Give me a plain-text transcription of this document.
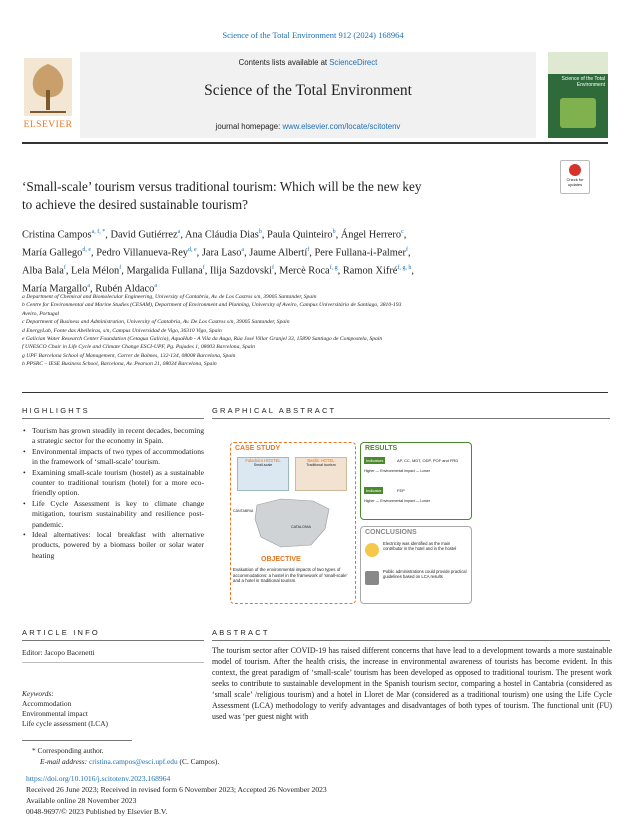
Science of the Total Environment 912 (2024) 168964
ELSEVIER
Contents lists available at ScienceDirect
Science of the Total Environment
journal homepage: www.elsevier.com/locate/scitotenv
Science of the Total Environment
‘Small-scale’ tourism versus traditional tourism: Which will be the new key
to achieve the desired sustainable tourism?
Check for updates
Cristina Campos$^{a, f, *}$, David Gutiérrez$^a$, Ana Cláudia Dias$^b$, Paula Quinteiro$^b$, Ángel Herrero$^c$,
María Gallego$^{d, e}$, Pedro Villanueva-Rey$^{d, e}$, Jara Laso$^a$, Jaume Albertí$^f$, Pere Fullana-i-Palmer$^f$,
Alba Bala$^f$, Lela Mélon$^f$, Margalida Fullana$^f$, Ilija Sazdovski$^f$, Mercè Roca$^{f, g}$, Ramon Xifré$^{f, g, h}$,
María Margallo$^a$, Rubén Aldaco$^a$
a Department of Chemical and Biomolecular Engineering, University of Cantabria, Av. de Los Castros s/n, 39005 Santander, Spain
b Centre for Environmental and Marine Studies (CESAM), Department of Environment and Planning, University of Aveiro, Campus Universitário de Santiago, 3810-193
Aveiro, Portugal
c Department of Business and Administration, University of Cantabria, Av. De Los Castros s/n, 39005 Santander, Spain
d EnergyLab, Fonte das Abelleiras, s/n, Campus Universidad de Vigo, 36310 Vigo, Spain
e Galician Water Research Center Foundation (Cetaqua Galicia), AquaHub - A Vila da Auga, Rúa José Villar Granjel 33, 15890 Santiago de Compostela, Spain
f UNESCO Chair in Life Cycle and Climate Change ESCI-UPF, Pg. Pujades 1, 08003 Barcelona, Spain
g UPF Barcelona School of Management, Carrer de Balmes, 132-134, 08008 Barcelona, Spain
h PPSRC – IESE Business School, Barcelona, Av. Pearson 21, 08034 Barcelona, Spain
HIGHLIGHTS
• Tourism has grown steadily in recent decades, becoming a strategic sector for the economy in Spain.
• Environmental impacts of two types of accommodations in the framework of ‘small-scale’ tourism.
• Examining small-scale tourism (hostel) as a sustainable counter to traditional tourism (hotel) for a more eco-friendly option.
• Life Cycle Assessment is key to climate change mitigation, tourism sustainability and resilience post-pandemic.
• Ideal alternatives: local breakfast with alternative products, powered by a biomass boiler or solar water heating
GRAPHICAL ABSTRACT
CASE STUDY
Faladoira HOSTEL
Small-scale
Basilic HOTEL
Traditional tourism
CANTABRIA
CATALONIA
OBJECTIVE
Evaluation of the environmental impacts of two types of accommodations: a hostel in the framework of 'small-scale' and a hotel in traditional tourism.
RESULTS
Indicators	AP, CC, MDT, ODP, POF and FRD
Higher — Environmental impact — Lower
Indicator	FEP
Higher — Environmental impact — Lower
CONCLUSIONS
Electricity was identified as the main contributor in the hotel and in the hostel
Public administrations could provide practical guidelines based on LCA results
ARTICLE INFO
Editor: Jacopo Bacenetti
Keywords:
Accommodation
Environmental impact
Life cycle assessment (LCA)
ABSTRACT
The tourism sector after COVID-19 has raised different concerns that have lead to a development towards a more sustainable model of tourism. After the health crisis, the increase in environmental awareness of tourists has become evident. In this context, the great paradigm of ‘small-scale’ tourism has been developed as opposed to traditional tourism. The present work seeks to contribute to sustainable development in the Spanish tourism sector, comparing a hostel in Cantabria (considered as ‘small scale’ /religious tourism) and a hotel in Lloret de Mar (considered as a traditional tourism) one using the Life Cycle Assessment (LCA) methodology to verify advantages and disadvantages of both types of tourism. The functional unit (FU) used was ‘per guest night with
* Corresponding author.
E-mail address: cristina.campos@esci.upf.edu (C. Campos).
https://doi.org/10.1016/j.scitotenv.2023.168964
Received 26 June 2023; Received in revised form 6 November 2023; Accepted 26 November 2023
Available online 28 November 2023
0048-9697/© 2023 Published by Elsevier B.V.
